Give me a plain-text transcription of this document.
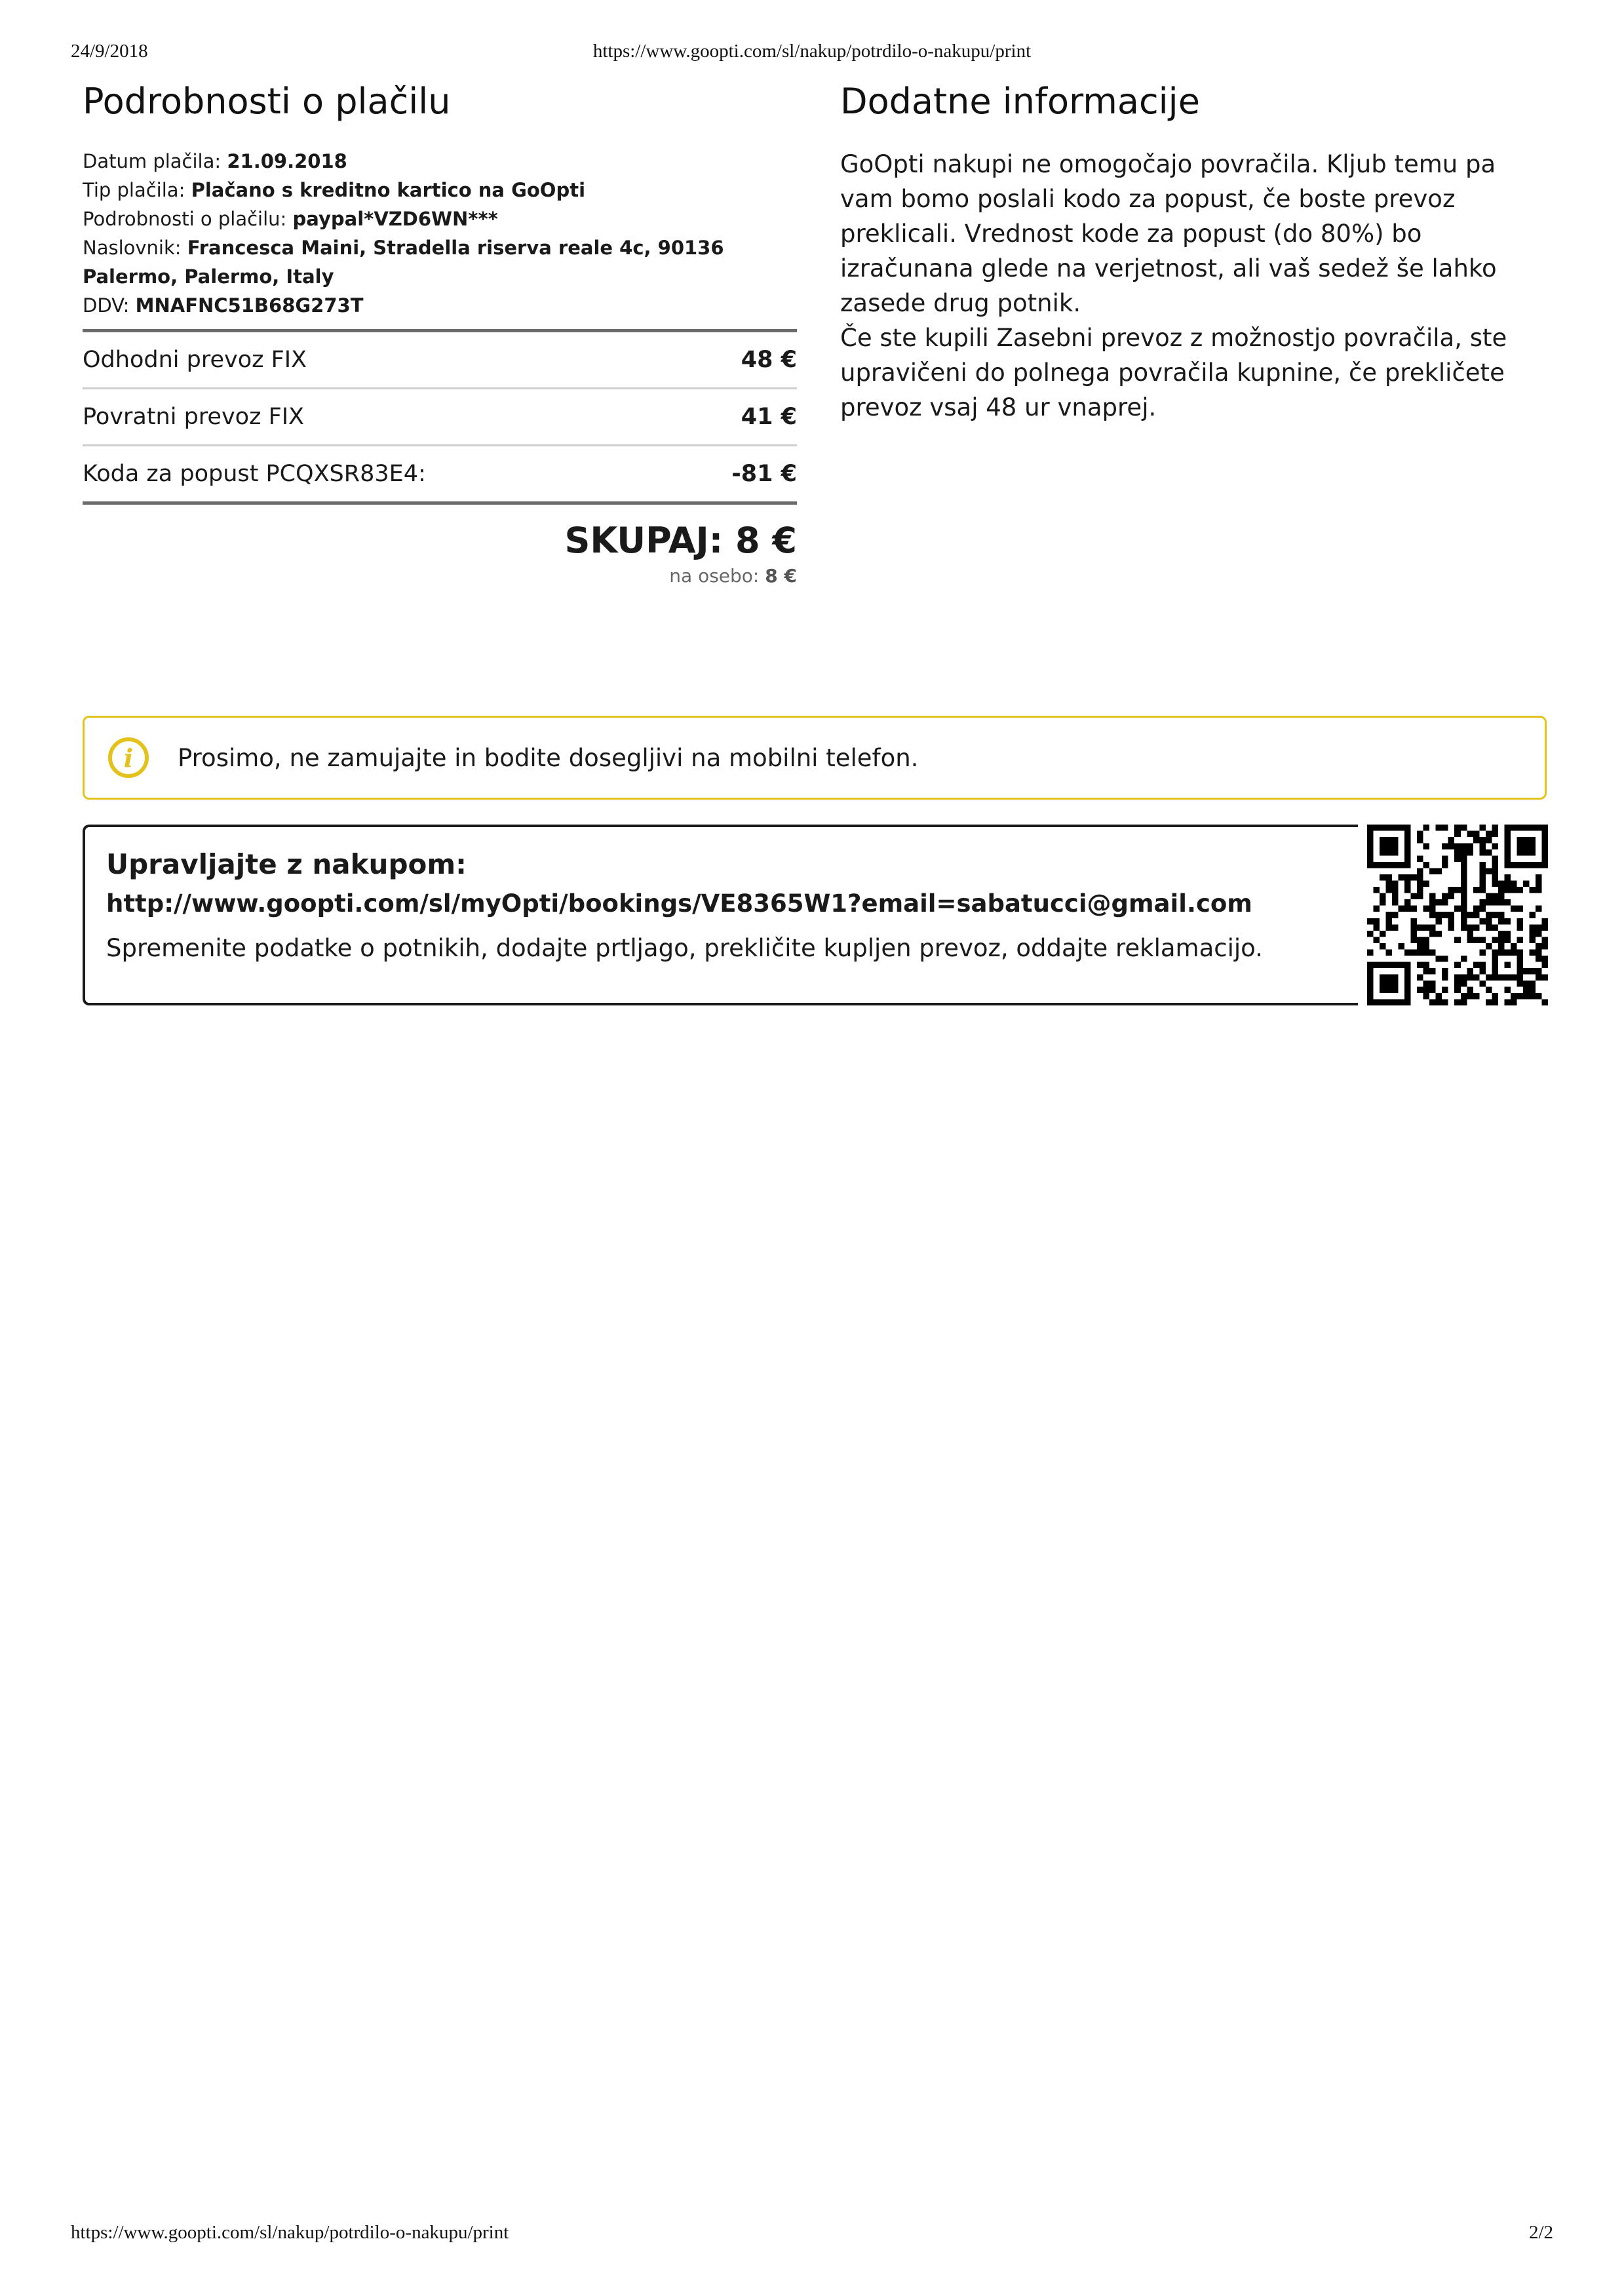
24/9/2018	https://www.goopti.com/sl/nakup/potrdilo-o-nakupu/print
Podrobnosti o plačilu
Datum plačila: 21.09.2018
Tip plačila: Plačano s kreditno kartico na GoOpti
Podrobnosti o plačilu: paypal*VZD6WN***
Naslovnik: Francesca Maini, Stradella riserva reale 4c, 90136 Palermo, Palermo, Italy
DDV: MNAFNC51B68G273T
Odhodni prevoz FIX	48 €
Povratni prevoz FIX	41 €
Koda za popust PCQXSR83E4:	-81 €
SKUPAJ: 8 €
na osebo: 8 €
Dodatne informacije

GoOpti nakupi ne omogočajo povračila. Kljub temu pa vam bomo poslali kodo za popust, če boste prevoz preklicali. Vrednost kode za popust (do 80%) bo izračunana glede na verjetnost, ali vaš sedež še lahko zasede drug potnik.

Če ste kupili Zasebni prevoz z možnostjo povračila, ste upravičeni do polnega povračila kupnine, če prekličete prevoz vsaj 48 ur vnaprej.

i	Prosimo, ne zamujajte in bodite dosegljivi na mobilni telefon.
Upravljajte z nakupom:
http://www.goopti.com/sl/myOpti/bookings/VE8365W1?email=sabatucci@gmail.com
Spremenite podatke o potnikih, dodajte prtljago, prekličite kupljen prevoz, oddajte reklamacijo.
https://www.goopti.com/sl/nakup/potrdilo-o-nakupu/print	2/2
